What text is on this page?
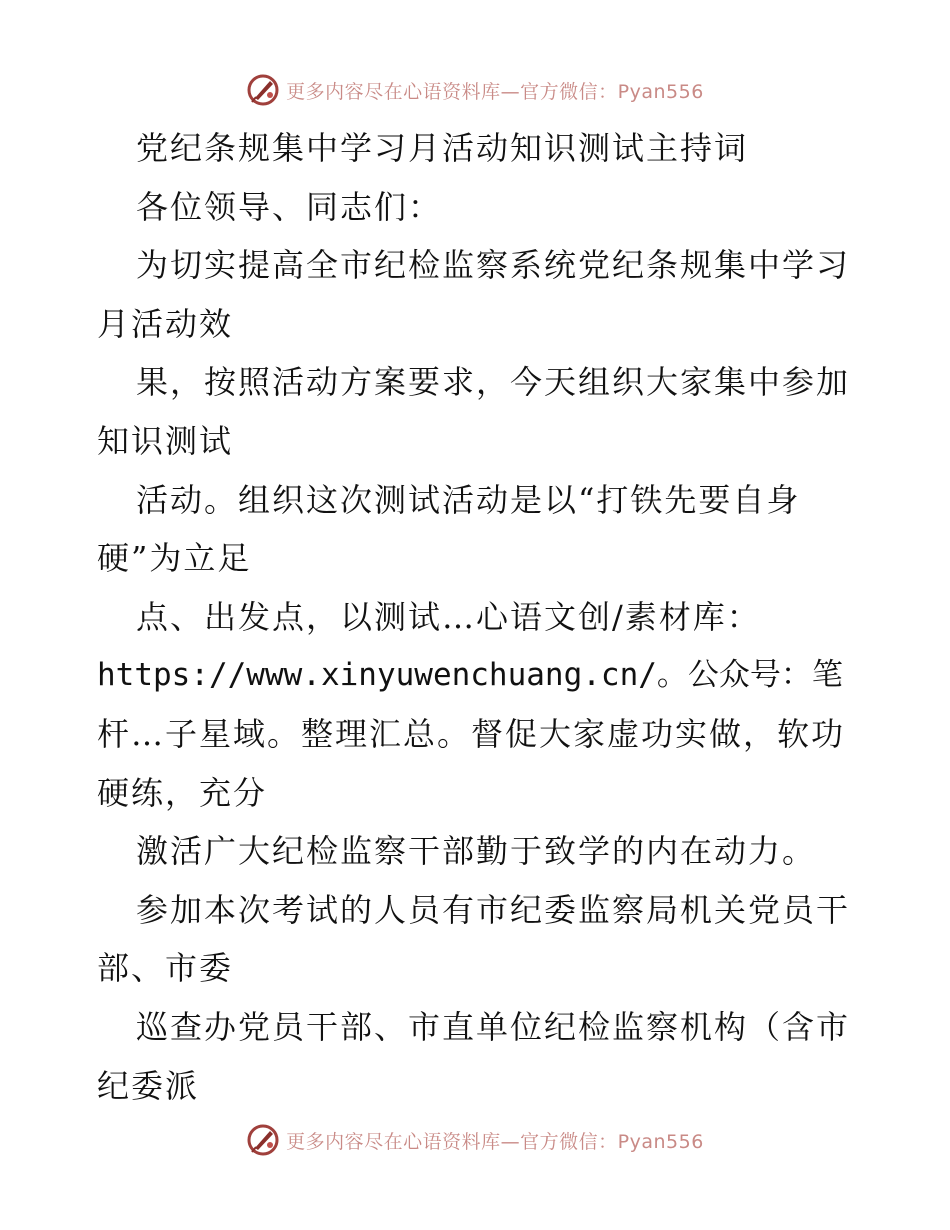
更多内容尽在心语资料库—官方微信：Pyan556
党纪条规集中学习月活动知识测试主持词
各位领导、同志们：
为切实提高全市纪检监察系统党纪条规集中学习
月活动效
果，按照活动方案要求，今天组织大家集中参加
知识测试
活动。组织这次测试活动是以“打铁先要自身
硬”为立足
点、出发点，以测试…心语文创/素材库：
https://www.xinyuwenchuang.cn/。公众号：笔
杆…子星域。整理汇总。督促大家虚功实做，软功
硬练，充分
激活广大纪检监察干部勤于致学的内在动力。
参加本次考试的人员有市纪委监察局机关党员干
部、市委
巡查办党员干部、市直单位纪检监察机构（含市
纪委派
更多内容尽在心语资料库—官方微信：Pyan556
